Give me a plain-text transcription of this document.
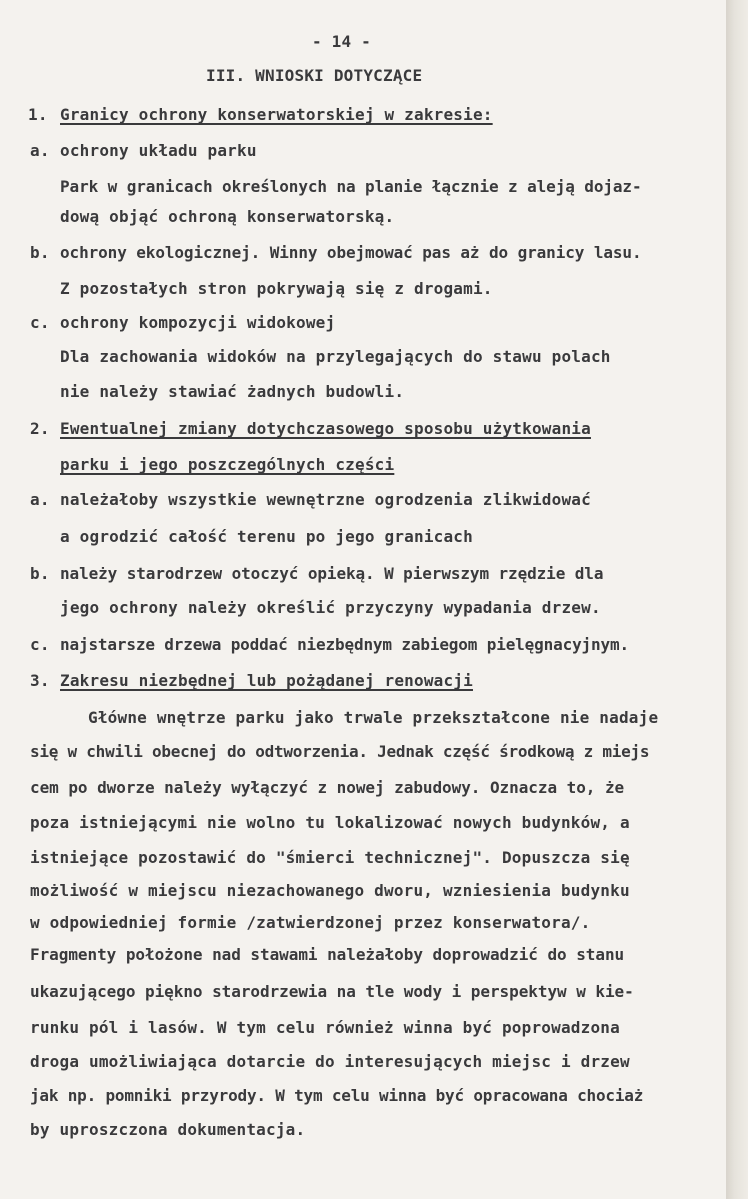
- 14 -
III. WNIOSKI DOTYCZĄCE
1. Granicy ochrony konserwatorskiej w zakresie:
a. ochrony układu parku
Park w granicach określonych na planie łącznie z aleją dojaz-
dową objąć ochroną konserwatorską.
b. ochrony ekologicznej. Winny obejmować pas aż do granicy lasu.
Z pozostałych stron pokrywają się z drogami.
c. ochrony kompozycji widokowej
Dla zachowania widoków na przylegających do stawu polach
nie należy stawiać żadnych budowli.
2. Ewentualnej zmiany dotychczasowego sposobu użytkowania
parku i jego poszczególnych części
a. należałoby wszystkie wewnętrzne ogrodzenia zlikwidować
a ogrodzić całość terenu po jego granicach
b. należy starodrzew otoczyć opieką. W pierwszym rzędzie dla
jego ochrony należy określić przyczyny wypadania drzew.
c. najstarsze drzewa poddać niezbędnym zabiegom pielęgnacyjnym.
3. Zakresu niezbędnej lub pożądanej renowacji
Główne wnętrze parku jako trwale przekształcone nie nadaje
się w chwili obecnej do odtworzenia. Jednak część środkową z miejs
cem po dworze należy wyłączyć z nowej zabudowy. Oznacza to, że
poza istniejącymi nie wolno tu lokalizować nowych budynków, a
istniejące pozostawić do "śmierci technicznej". Dopuszcza się
możliwość w miejscu niezachowanego dworu, wzniesienia budynku
w odpowiedniej formie /zatwierdzonej przez konserwatora/.
Fragmenty położone nad stawami należałoby doprowadzić do stanu
ukazującego piękno starodrzewia na tle wody i perspektyw w kie-
runku pól i lasów. W tym celu również winna być poprowadzona
droga umożliwiająca dotarcie do interesujących miejsc i drzew
jak np. pomniki przyrody. W tym celu winna być opracowana chociaż
by uproszczona dokumentacja.
